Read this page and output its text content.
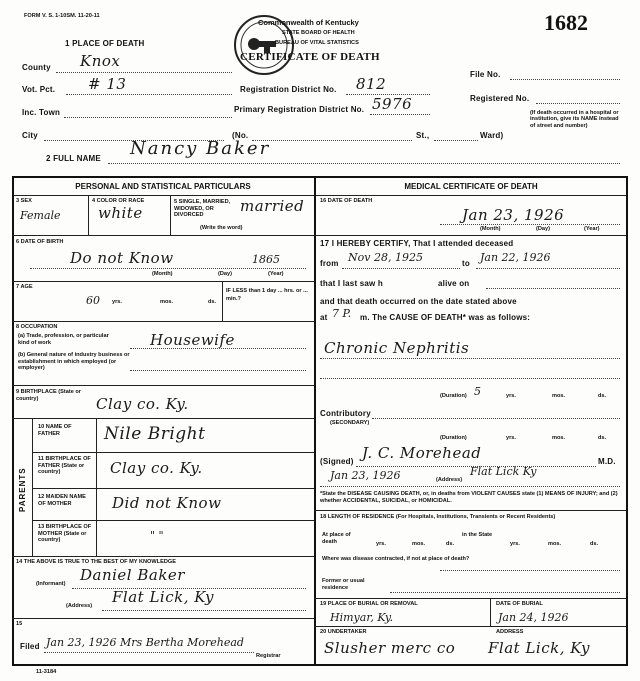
FORM V. S. 1-10SM. 11-20-11
Commonwealth of Kentucky
STATE BOARD OF HEALTH
BUREAU OF VITAL STATISTICS
CERTIFICATE OF DEATH
1682
1 PLACE OF DEATH
County Knox
Vot. Pct. # 13	Registration District No. 812
Inc. Town	Primary Registration District No. 5976
City	(No.	St.,	Ward)
File No.
Registered No.
(If death occurred in a hospital or institution, give its NAME instead of street and number)
2 FULL NAME Nancy Baker
PERSONAL AND STATISTICAL PARTICULARS	MEDICAL CERTIFICATE OF DEATH
3 SEX
Female
4 COLOR OR RACE
white
5 SINGLE, MARRIED, WIDOWED, OR DIVORCED
(Write the word)
married
6 DATE OF BIRTH
Do not Know	1865
(Month)	(Day)	(Year)
7 AGE
60 yrs.	mos.	ds.
IF LESS than 1 day ... hrs. or ... min.?
8 OCCUPATION
(a) Trade, profession, or particular kind of work
(b) General nature of industry business or establishment in which employed (or employer)
Housewife
9 BIRTHPLACE (State or country)	Clay co. Ky.
PARENTS
10 NAME OF FATHER	Nile Bright
11 BIRTHPLACE OF FATHER (State or country)	Clay co. Ky.
12 MAIDEN NAME OF MOTHER	Did not Know
13 BIRTHPLACE OF MOTHER (State or country)	" "
14 THE ABOVE IS TRUE TO THE BEST OF MY KNOWLEDGE
(Informant) Daniel Baker
(Address) Flat Lick, Ky
15
Filed Jan 23, 1926 Mrs Bertha Morehead
Registrar
16 DATE OF DEATH
Jan 23, 1926
(Month)	(Day)	(Year)
17 I HEREBY CERTIFY, That I attended deceased
from Nov 28, 1925	to Jan 22, 1926
that I last saw h	alive on
and that death occurred on the date stated above
at 7 P. m. The CAUSE OF DEATH* was as follows:
Chronic Nephritis
(Duration) 5	yrs.	mos.	ds.
Contributory
(SECONDARY)
(Duration)	yrs.	mos.	ds.
(Signed) J. C. Morehead	M.D.
Jan 23, 1926	(Address)
Flat Lick Ky
*State the DISEASE CAUSING DEATH, or, in deaths from VIOLENT CAUSES state (1) MEANS OF INJURY; and (2) whether ACCIDENTAL, SUICIDAL, or HOMICIDAL.
18 LENGTH OF RESIDENCE (For Hospitals, Institutions, Transients or Recent Residents)
At place of death	yrs.	mos.	ds.
in the State
yrs.	mos.	ds.
Where was disease contracted, if not at place of death?
Former or usual residence
19 PLACE OF BURIAL OR REMOVAL	DATE OF BURIAL
Himyar, Ky.	Jan 24, 1926
20 UNDERTAKER	ADDRESS
Slusher merc co Flat Lick, Ky
11-3184
